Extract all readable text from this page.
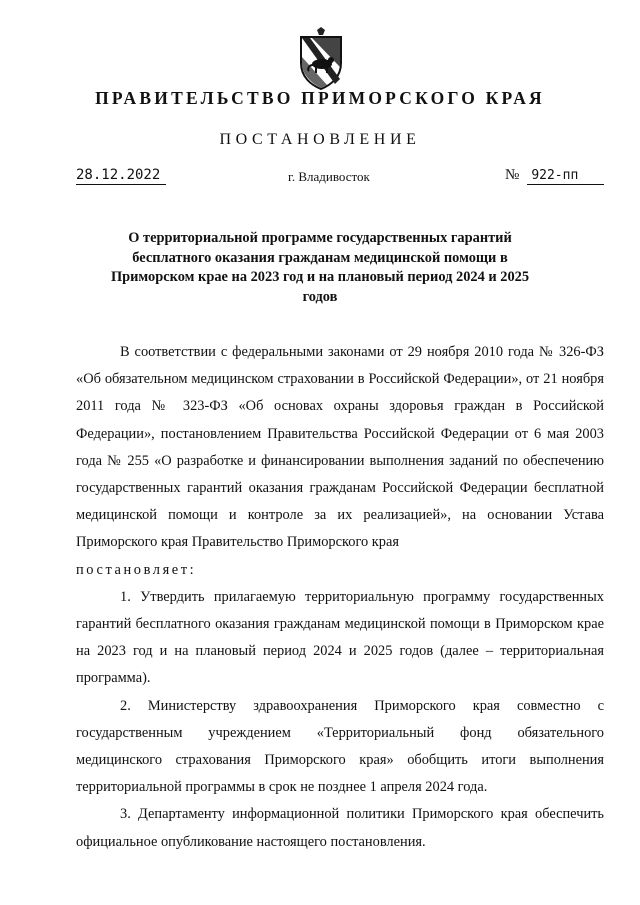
ПРАВИТЕЛЬСТВО ПРИМОРСКОГО КРАЯ
ПОСТАНОВЛЕНИЕ
28.12.2022	г. Владивосток	№ 922-пп
О территориальной программе государственных гарантий бесплатного оказания гражданам медицинской помощи в Приморском крае на 2023 год и на плановый период 2024 и 2025 годов

В соответствии с федеральными законами от 29 ноября 2010 года № 326-ФЗ «Об обязательном медицинском страховании в Российской Федерации», от 21 ноября 2011 года № 323-ФЗ «Об основах охраны здоровья граждан в Российской Федерации», постановлением Правительства Российской Федерации от 6 мая 2003 года № 255 «О разработке и финансировании выполнения заданий по обеспечению государственных гарантий оказания гражданам Российской Федерации бесплатной медицинской помощи и контроле за их реализацией», на основании Устава Приморского края Правительство Приморского края

постановляет:

1. Утвердить прилагаемую территориальную программу государственных гарантий бесплатного оказания гражданам медицинской помощи в Приморском крае на 2023 год и на плановый период 2024 и 2025 годов (далее – территориальная программа).

2. Министерству здравоохранения Приморского края совместно с государственным учреждением «Территориальный фонд обязательного медицинского страхования Приморского края» обобщить итоги выполнения территориальной программы в срок не позднее 1 апреля 2024 года.

3. Департаменту информационной политики Приморского края обеспечить официальное опубликование настоящего постановления.
